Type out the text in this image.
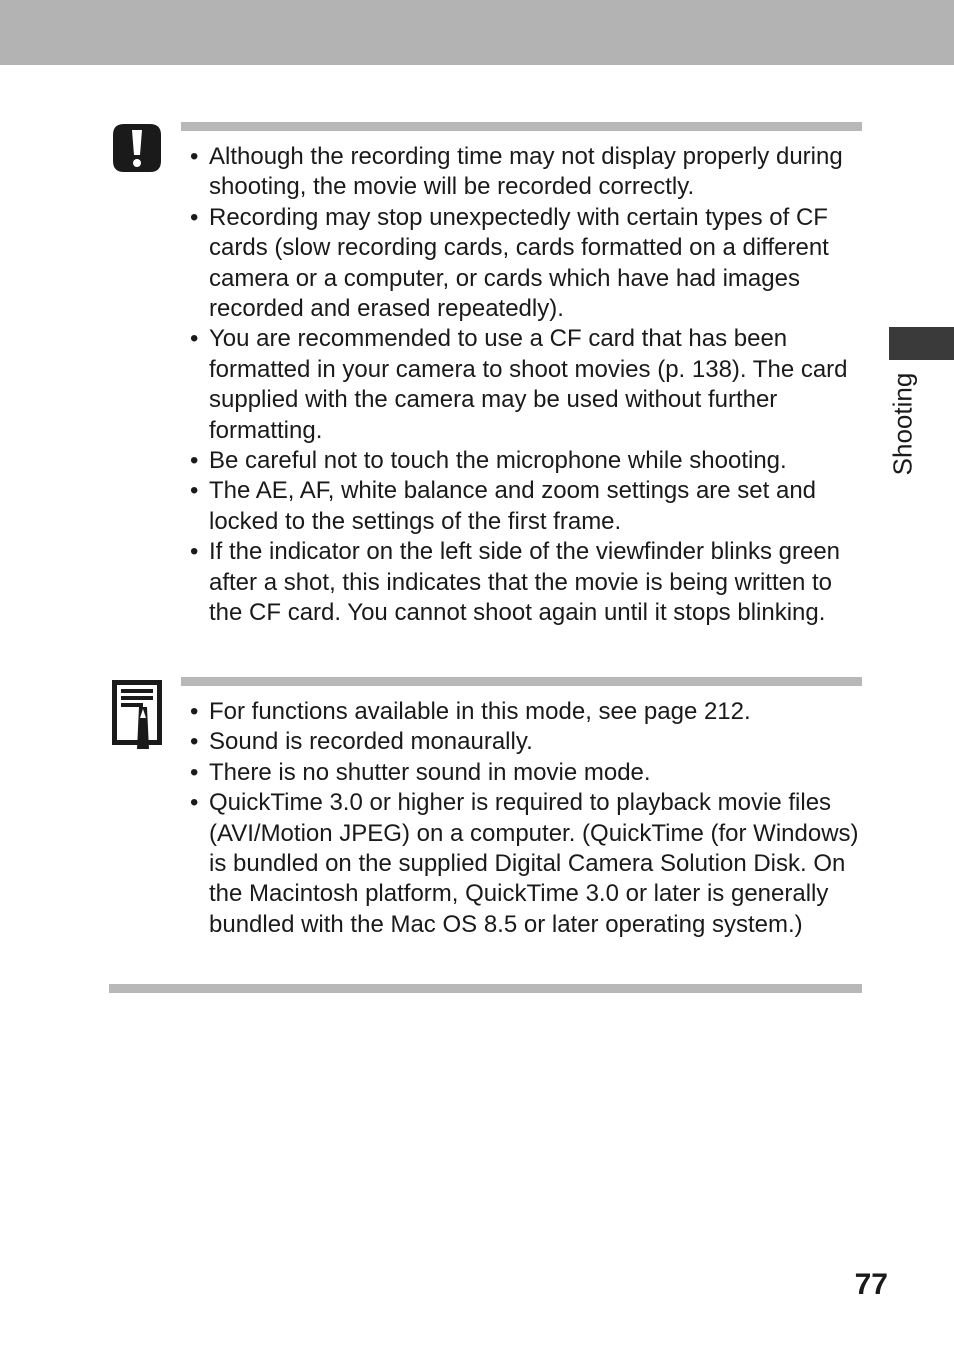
• Although the recording time may not display properly during shooting, the movie will be recorded correctly.
• Recording may stop unexpectedly with certain types of CF cards (slow recording cards, cards formatted on a different camera or a computer, or cards which have had images recorded and erased repeatedly).
• You are recommended to use a CF card that has been formatted in your camera to shoot movies (p. 138). The card supplied with the camera may be used without further formatting.
• Be careful not to touch the microphone while shooting.
• The AE, AF, white balance and zoom settings are set and locked to the settings of the first frame.
• If the indicator on the left side of the viewfinder blinks green after a shot, this indicates that the movie is being written to the CF card. You cannot shoot again until it stops blinking.
• For functions available in this mode, see page 212.
• Sound is recorded monaurally.
• There is no shutter sound in movie mode.
• QuickTime 3.0 or higher is required to playback movie files (AVI/Motion JPEG) on a computer. (QuickTime (for Windows) is bundled on the supplied Digital Camera Solution Disk. On the Macintosh platform, QuickTime 3.0 or later is generally bundled with the Mac OS 8.5 or later operating system.)
Shooting
77
